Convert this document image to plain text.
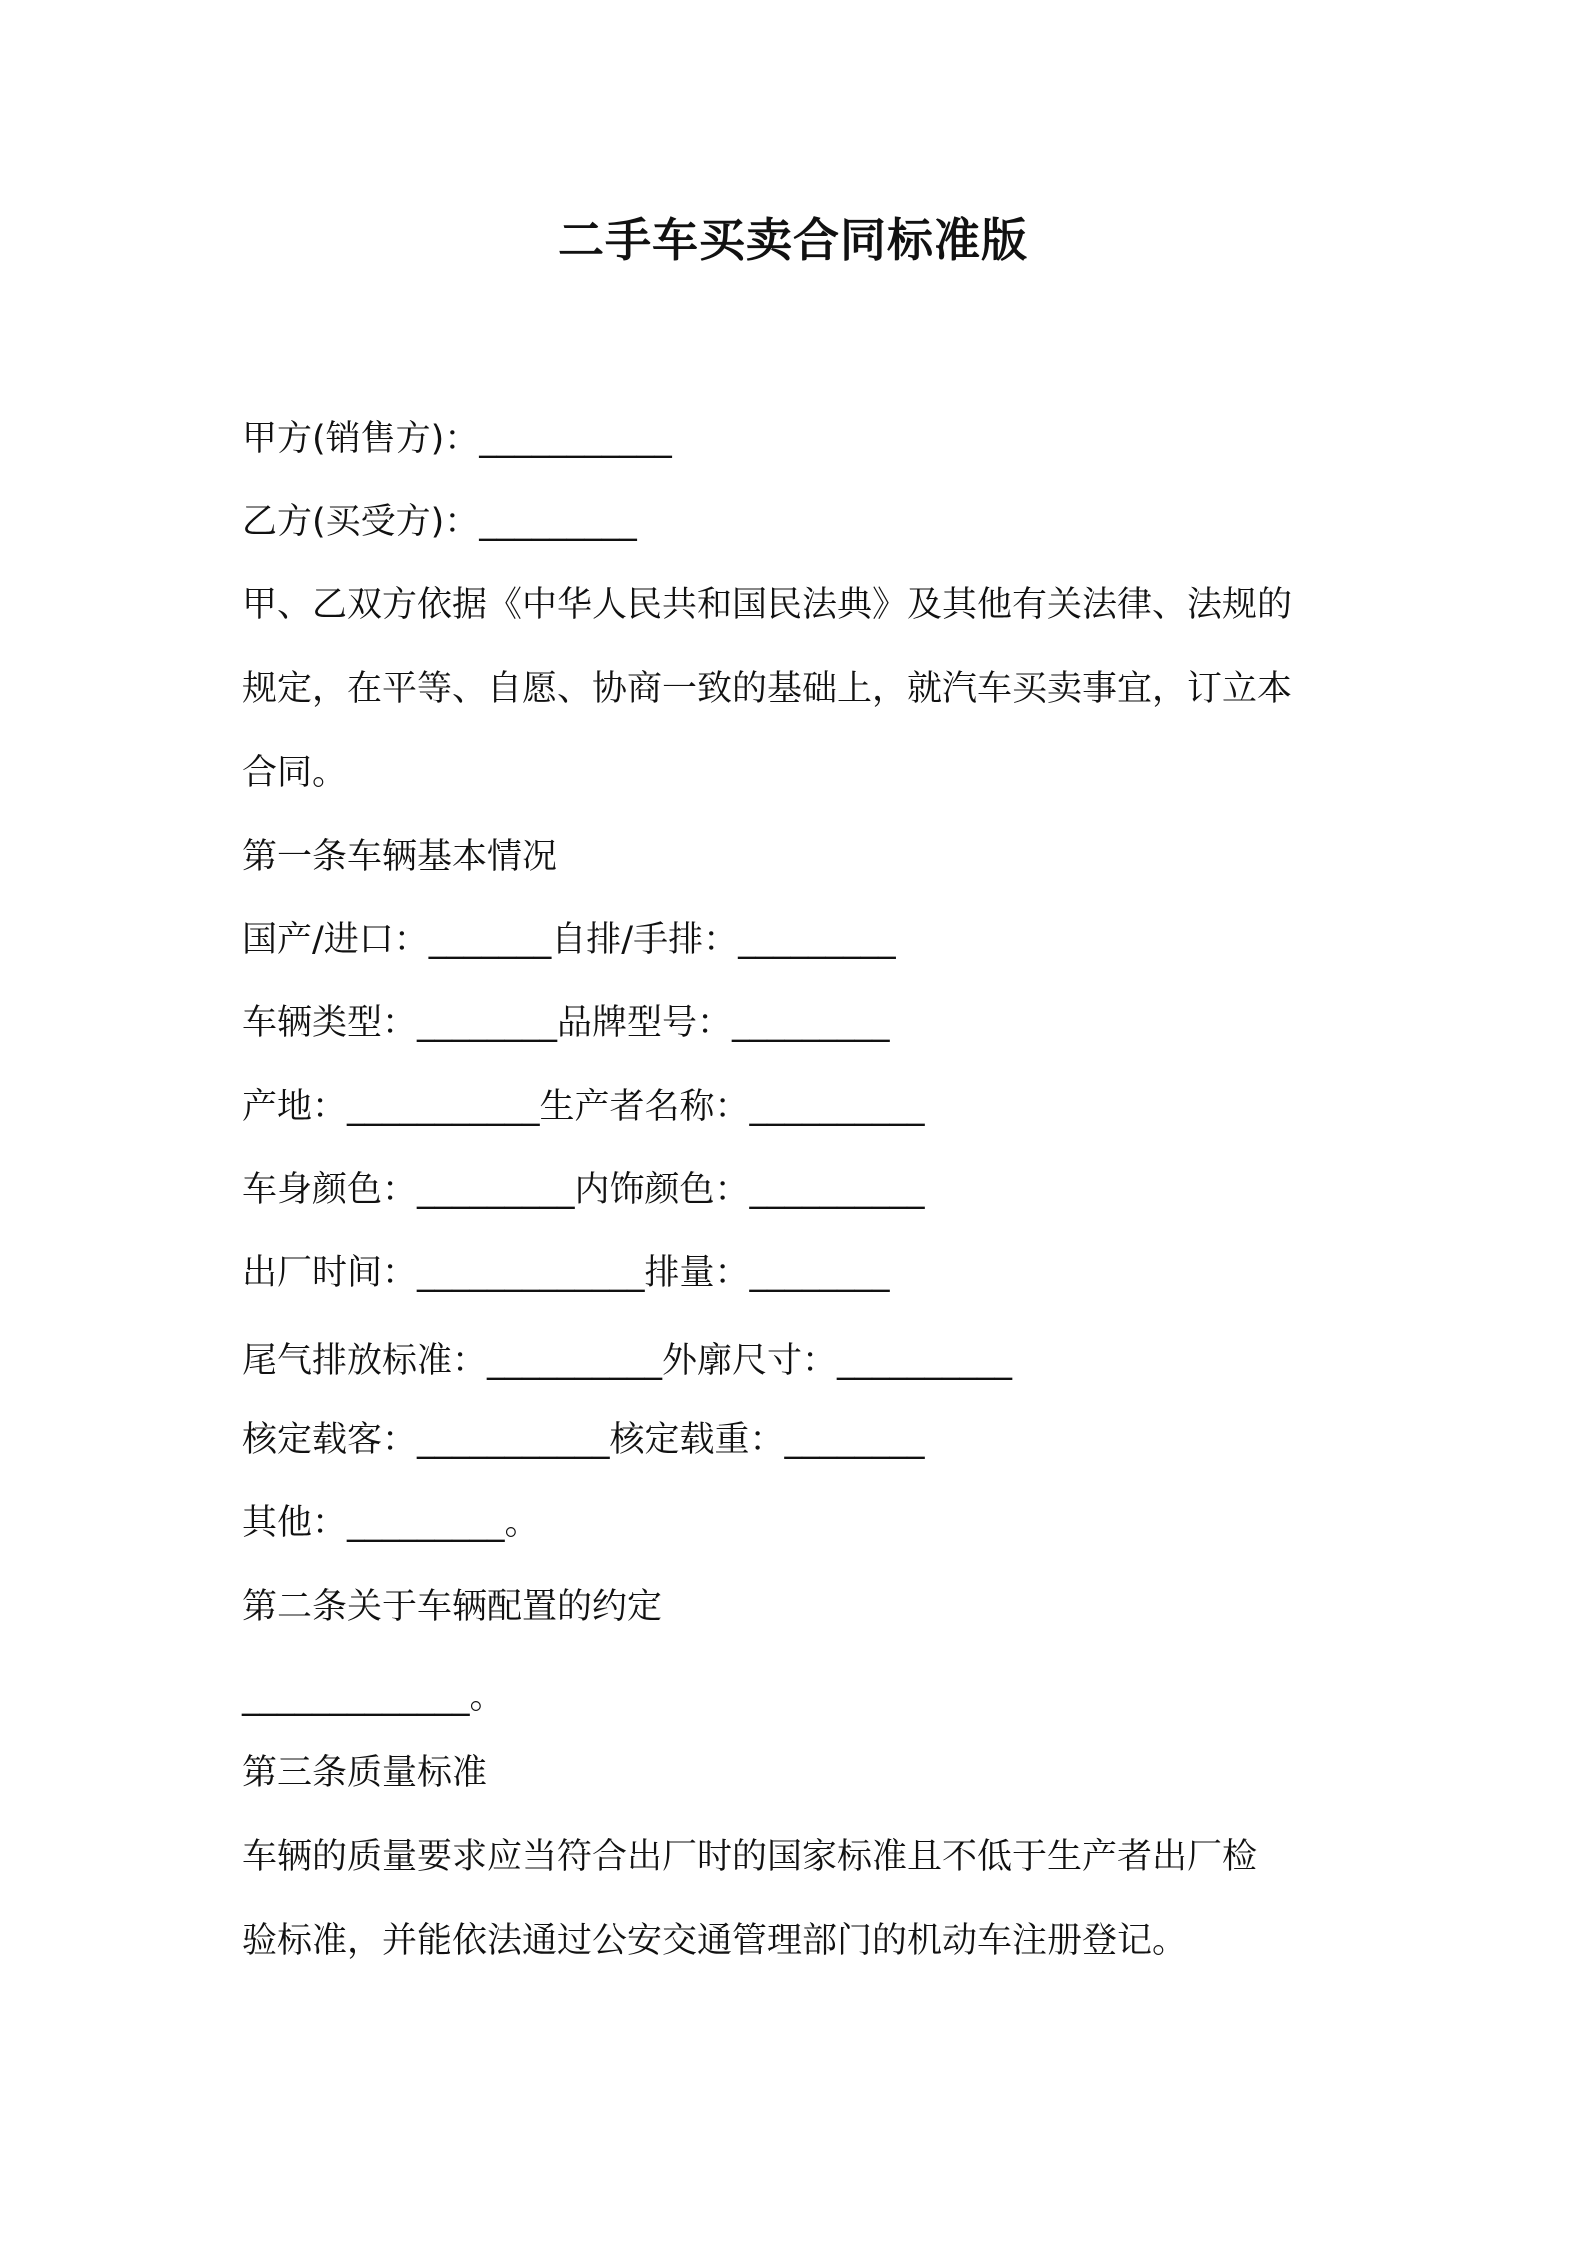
二手车买卖合同标准版
甲方(销售方)：___________
乙方(买受方)：_________
甲、乙双方依据《中华人民共和国民法典》及其他有关法律、法规的
规定，在平等、自愿、协商一致的基础上，就汽车买卖事宜，订立本
合同。
第一条车辆基本情况
国产/进口：_______自排/手排：_________
车辆类型：________品牌型号：_________
产地：___________生产者名称：__________
车身颜色：_________内饰颜色：__________
出厂时间：_____________排量：________
尾气排放标准：__________外廓尺寸：__________
核定载客：___________核定载重：________
其他：_________。
第二条关于车辆配置的约定
_____________。
第三条质量标准
车辆的质量要求应当符合出厂时的国家标准且不低于生产者出厂检
验标准，并能依法通过公安交通管理部门的机动车注册登记。
